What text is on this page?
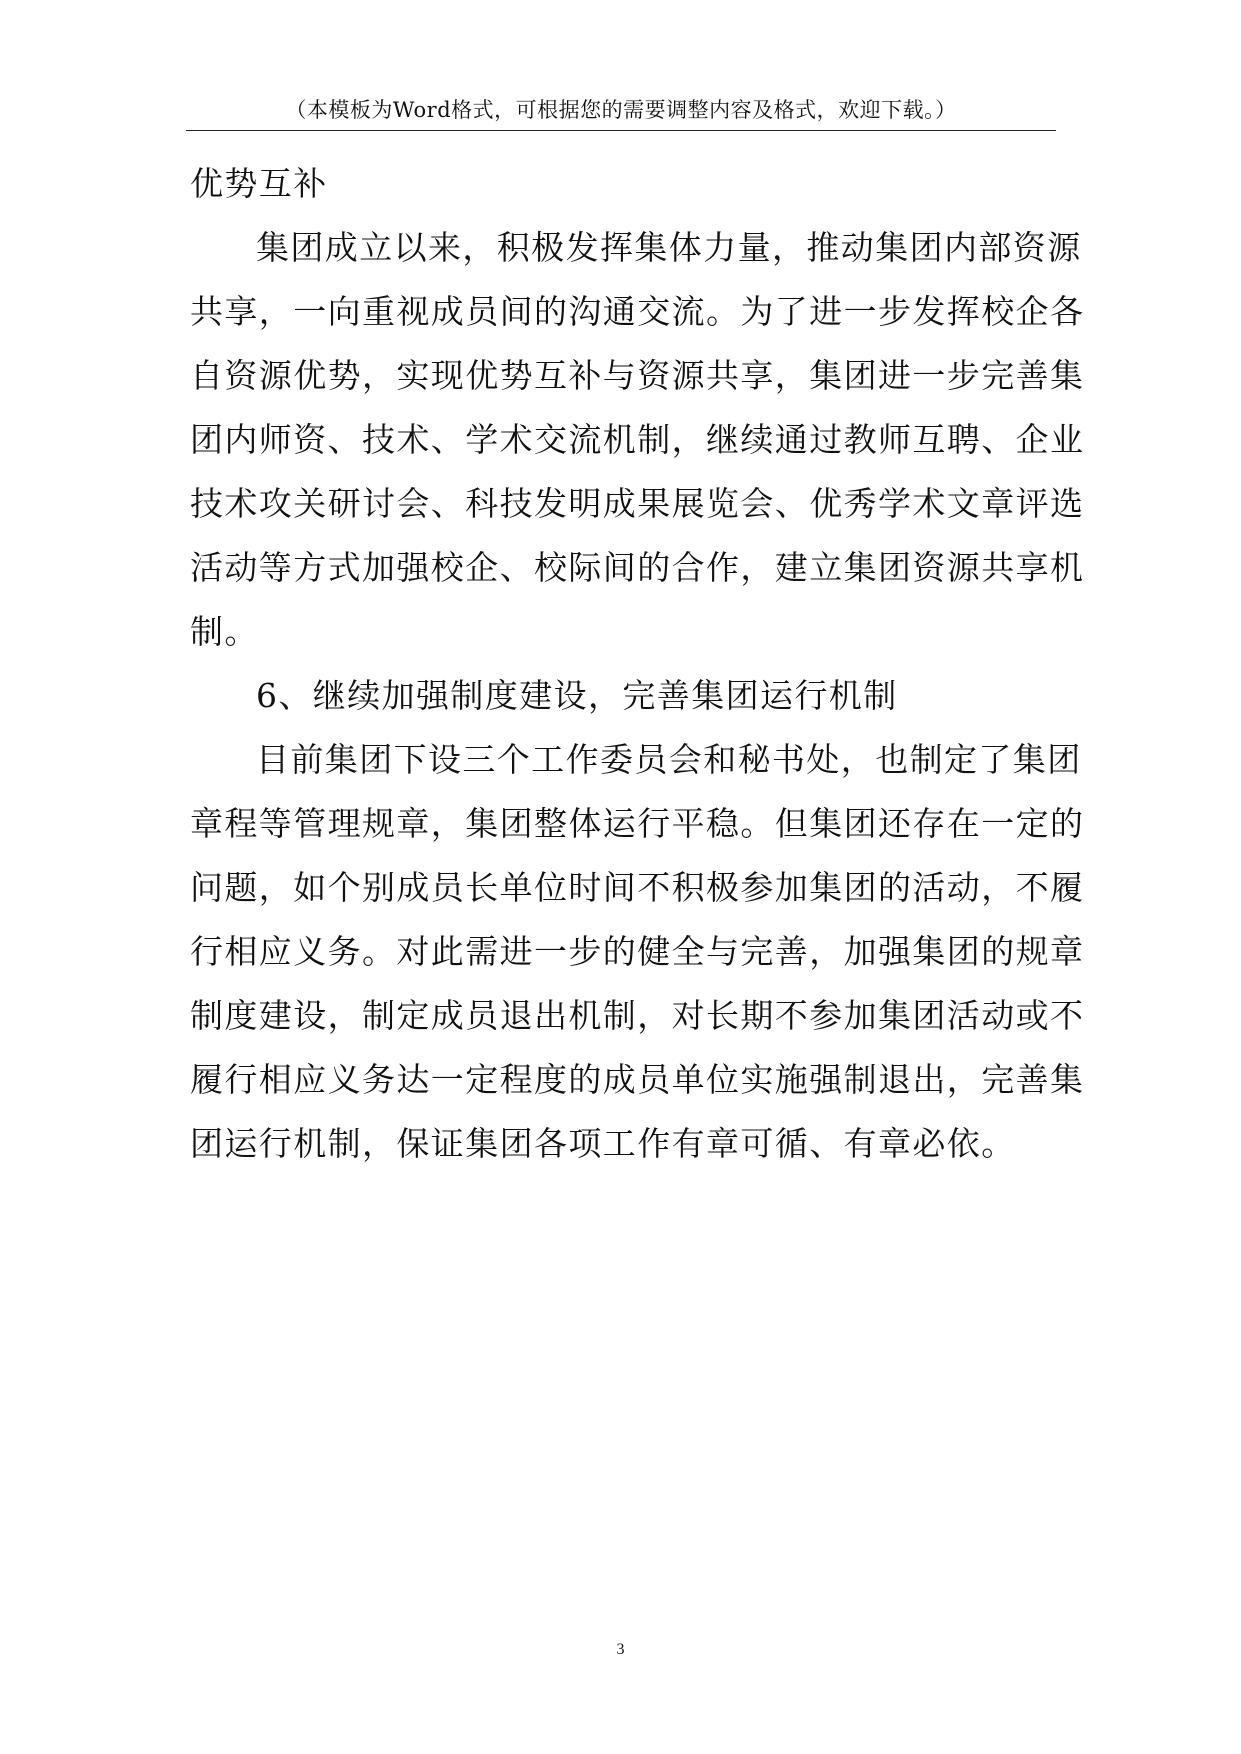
（本模板为Word格式，可根据您的需要调整内容及格式，欢迎下载。）
优势互补
集团成立以来，积极发挥集体力量，推动集团内部资源
共享，一向重视成员间的沟通交流。为了进一步发挥校企各
自资源优势，实现优势互补与资源共享，集团进一步完善集
团内师资、技术、学术交流机制，继续通过教师互聘、企业
技术攻关研讨会、科技发明成果展览会、优秀学术文章评选
活动等方式加强校企、校际间的合作，建立集团资源共享机
制。
6、继续加强制度建设，完善集团运行机制
目前集团下设三个工作委员会和秘书处，也制定了集团
章程等管理规章，集团整体运行平稳。但集团还存在一定的
问题，如个别成员长单位时间不积极参加集团的活动，不履
行相应义务。对此需进一步的健全与完善，加强集团的规章
制度建设，制定成员退出机制，对长期不参加集团活动或不
履行相应义务达一定程度的成员单位实施强制退出，完善集
团运行机制，保证集团各项工作有章可循、有章必依。
3
